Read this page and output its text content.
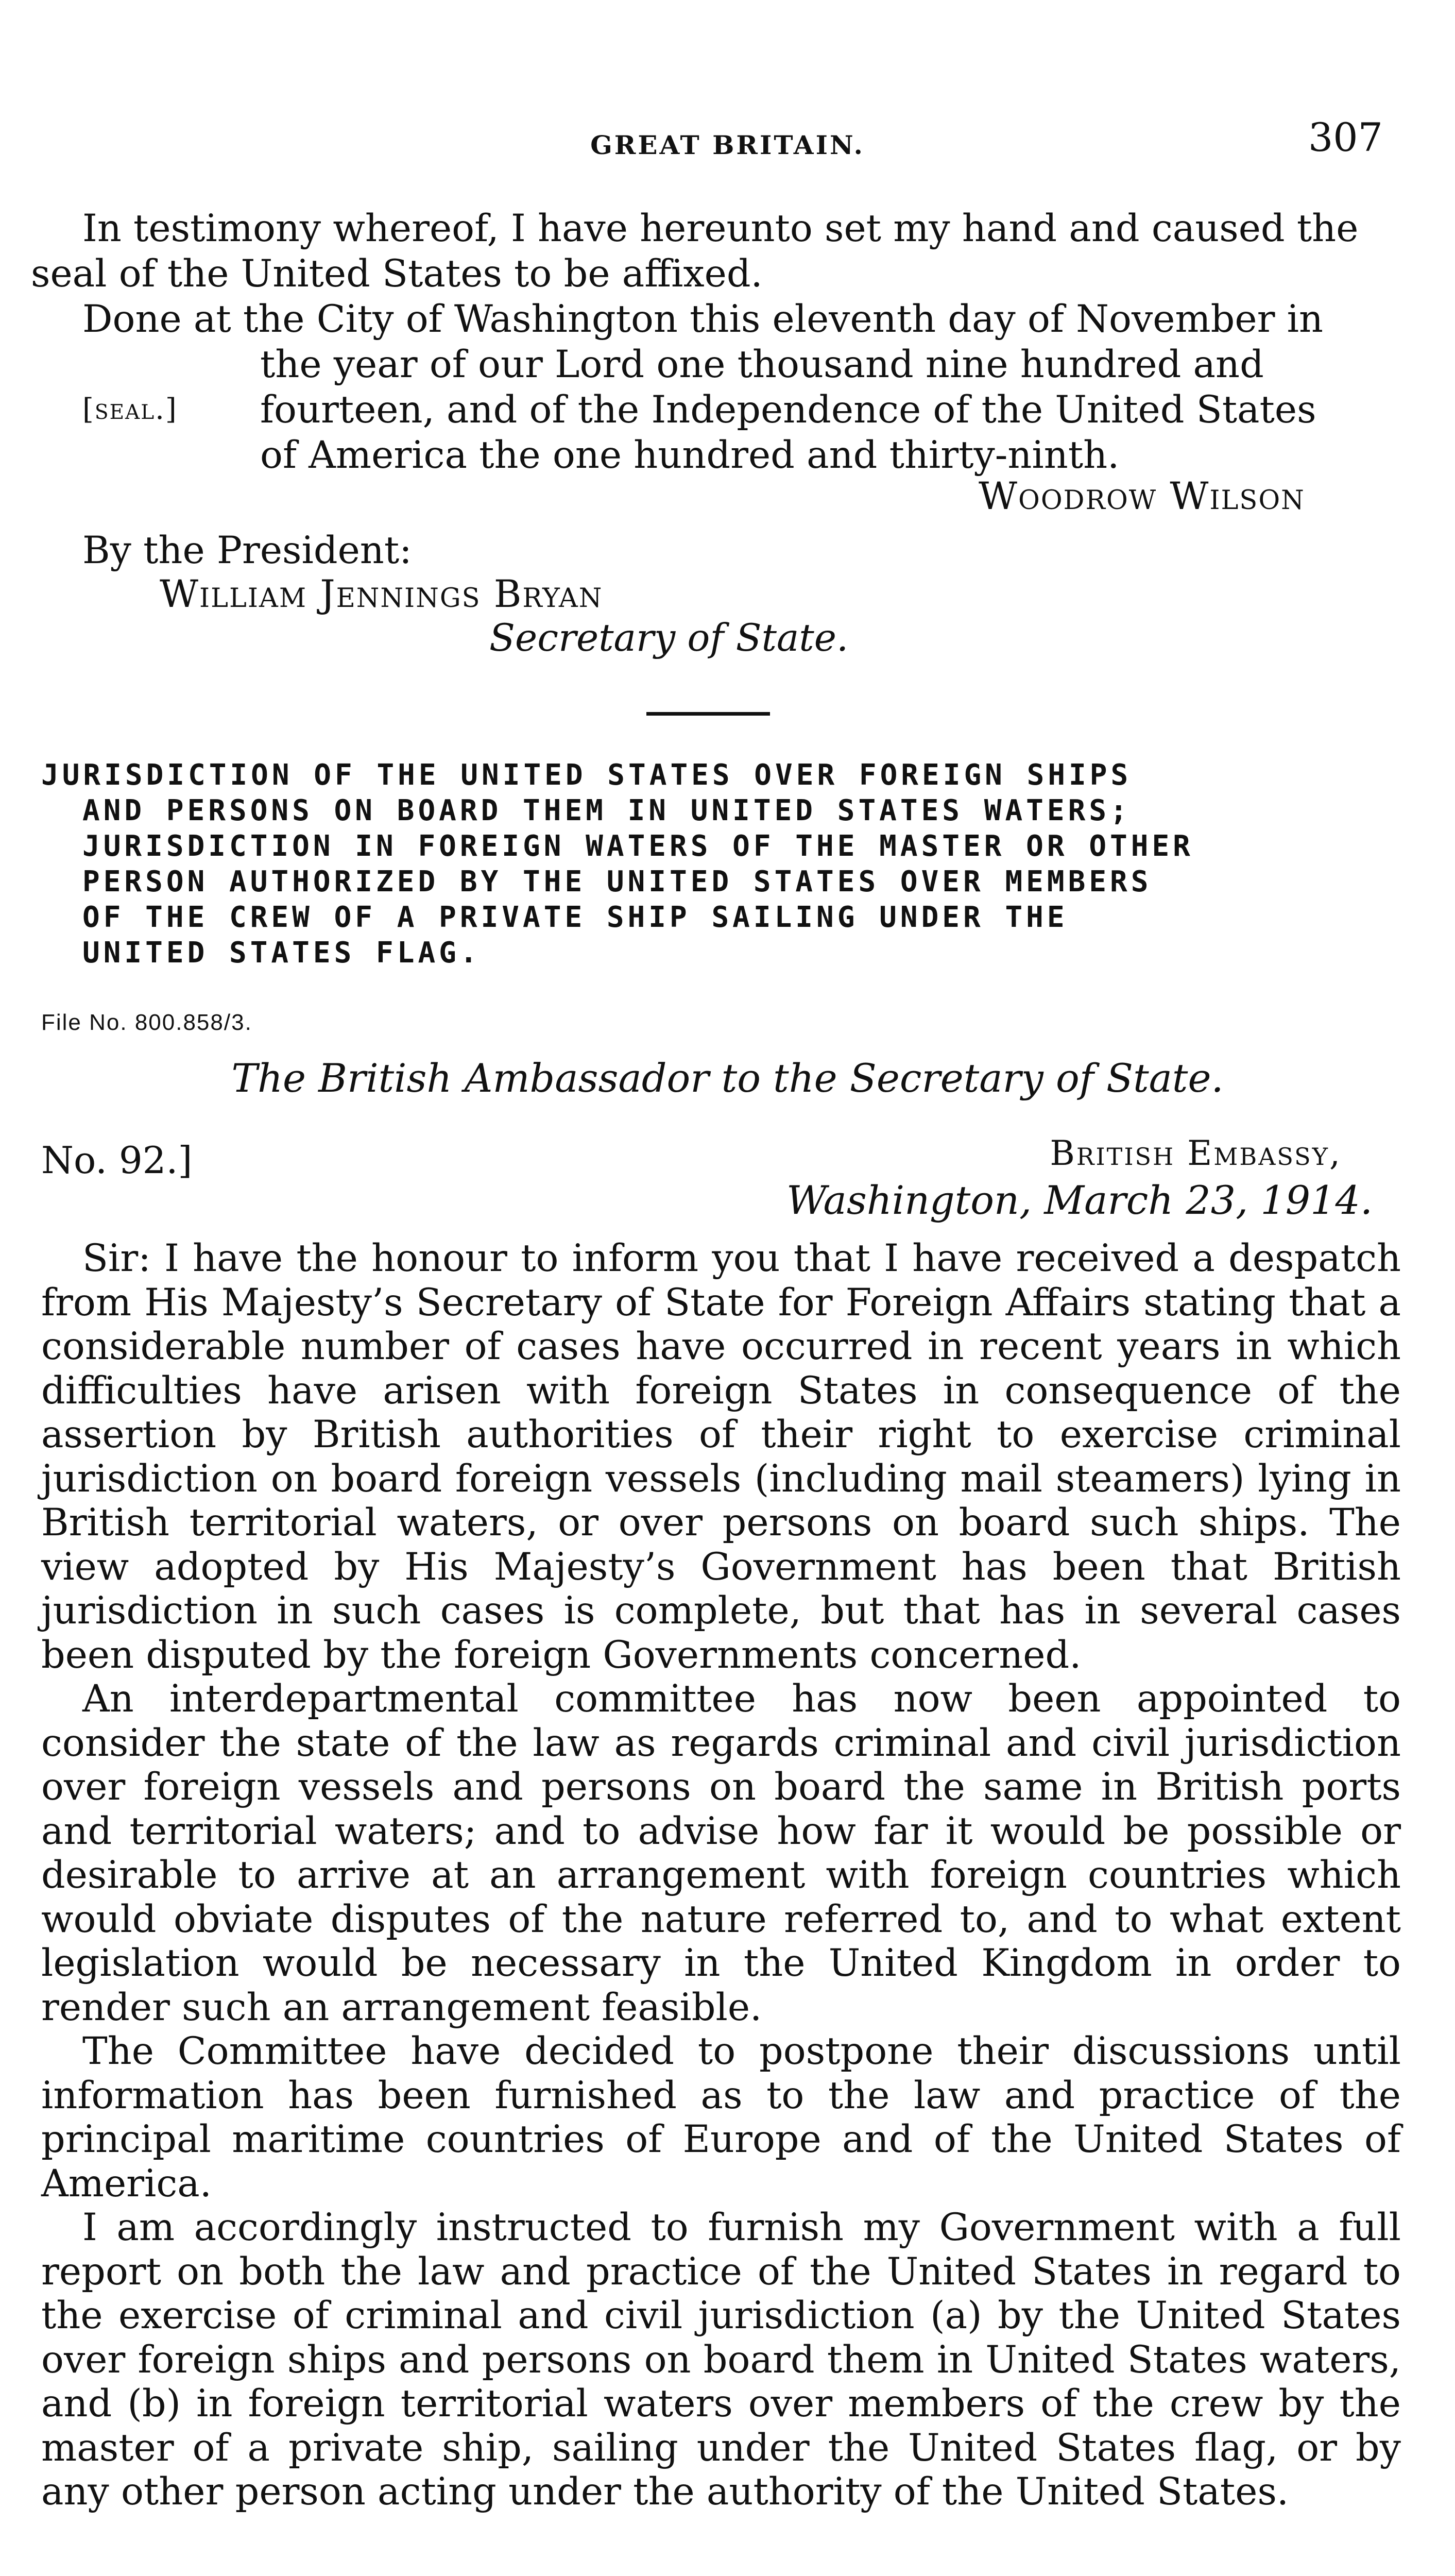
GREAT BRITAIN.	307
In testimony whereof, I have hereunto set my hand and caused the
seal of the United States to be affixed.
Done at the City of Washington this eleventh day of November in
the year of our Lord one thousand nine hundred and
[seal.] fourteen, and of the Independence of the United States
of America the one hundred and thirty-ninth.
Woodrow Wilson
By the President:
William Jennings Bryan
Secretary of State.
JURISDICTION OF THE UNITED STATES OVER FOREIGN SHIPS
AND PERSONS ON BOARD THEM IN UNITED STATES WATERS;
JURISDICTION IN FOREIGN WATERS OF THE MASTER OR OTHER
PERSON AUTHORIZED BY THE UNITED STATES OVER MEMBERS
OF THE CREW OF A PRIVATE SHIP SAILING UNDER THE
UNITED STATES FLAG.
File No. 800.858/3.
The British Ambassador to the Secretary of State.
No. 92.]	British Embassy,
Washington, March 23, 1914.

Sir: I have the honour to inform you that I have received a despatch from His Majesty’s Secretary of State for Foreign Affairs stating that a considerable number of cases have occurred in recent years in which difficulties have arisen with foreign States in consequence of the assertion by British authorities of their right to exercise criminal jurisdiction on board foreign vessels (including mail steamers) lying in British territorial waters, or over persons on board such ships. The view adopted by His Majesty’s Government has been that British jurisdiction in such cases is complete, but that has in several cases been disputed by the foreign Governments concerned.

An interdepartmental committee has now been appointed to consider the state of the law as regards criminal and civil jurisdiction over foreign vessels and persons on board the same in British ports and territorial waters; and to advise how far it would be possible or desirable to arrive at an arrangement with foreign countries which would obviate disputes of the nature referred to, and to what extent legislation would be necessary in the United Kingdom in order to render such an arrangement feasible.

The Committee have decided to postpone their discussions until information has been furnished as to the law and practice of the principal maritime countries of Europe and of the United States of America.

I am accordingly instructed to furnish my Government with a full report on both the law and practice of the United States in regard to the exercise of criminal and civil jurisdiction (a) by the United States over foreign ships and persons on board them in United States waters, and (b) in foreign territorial waters over members of the crew by the master of a private ship, sailing under the United States flag, or by any other person acting under the authority of the United States.
